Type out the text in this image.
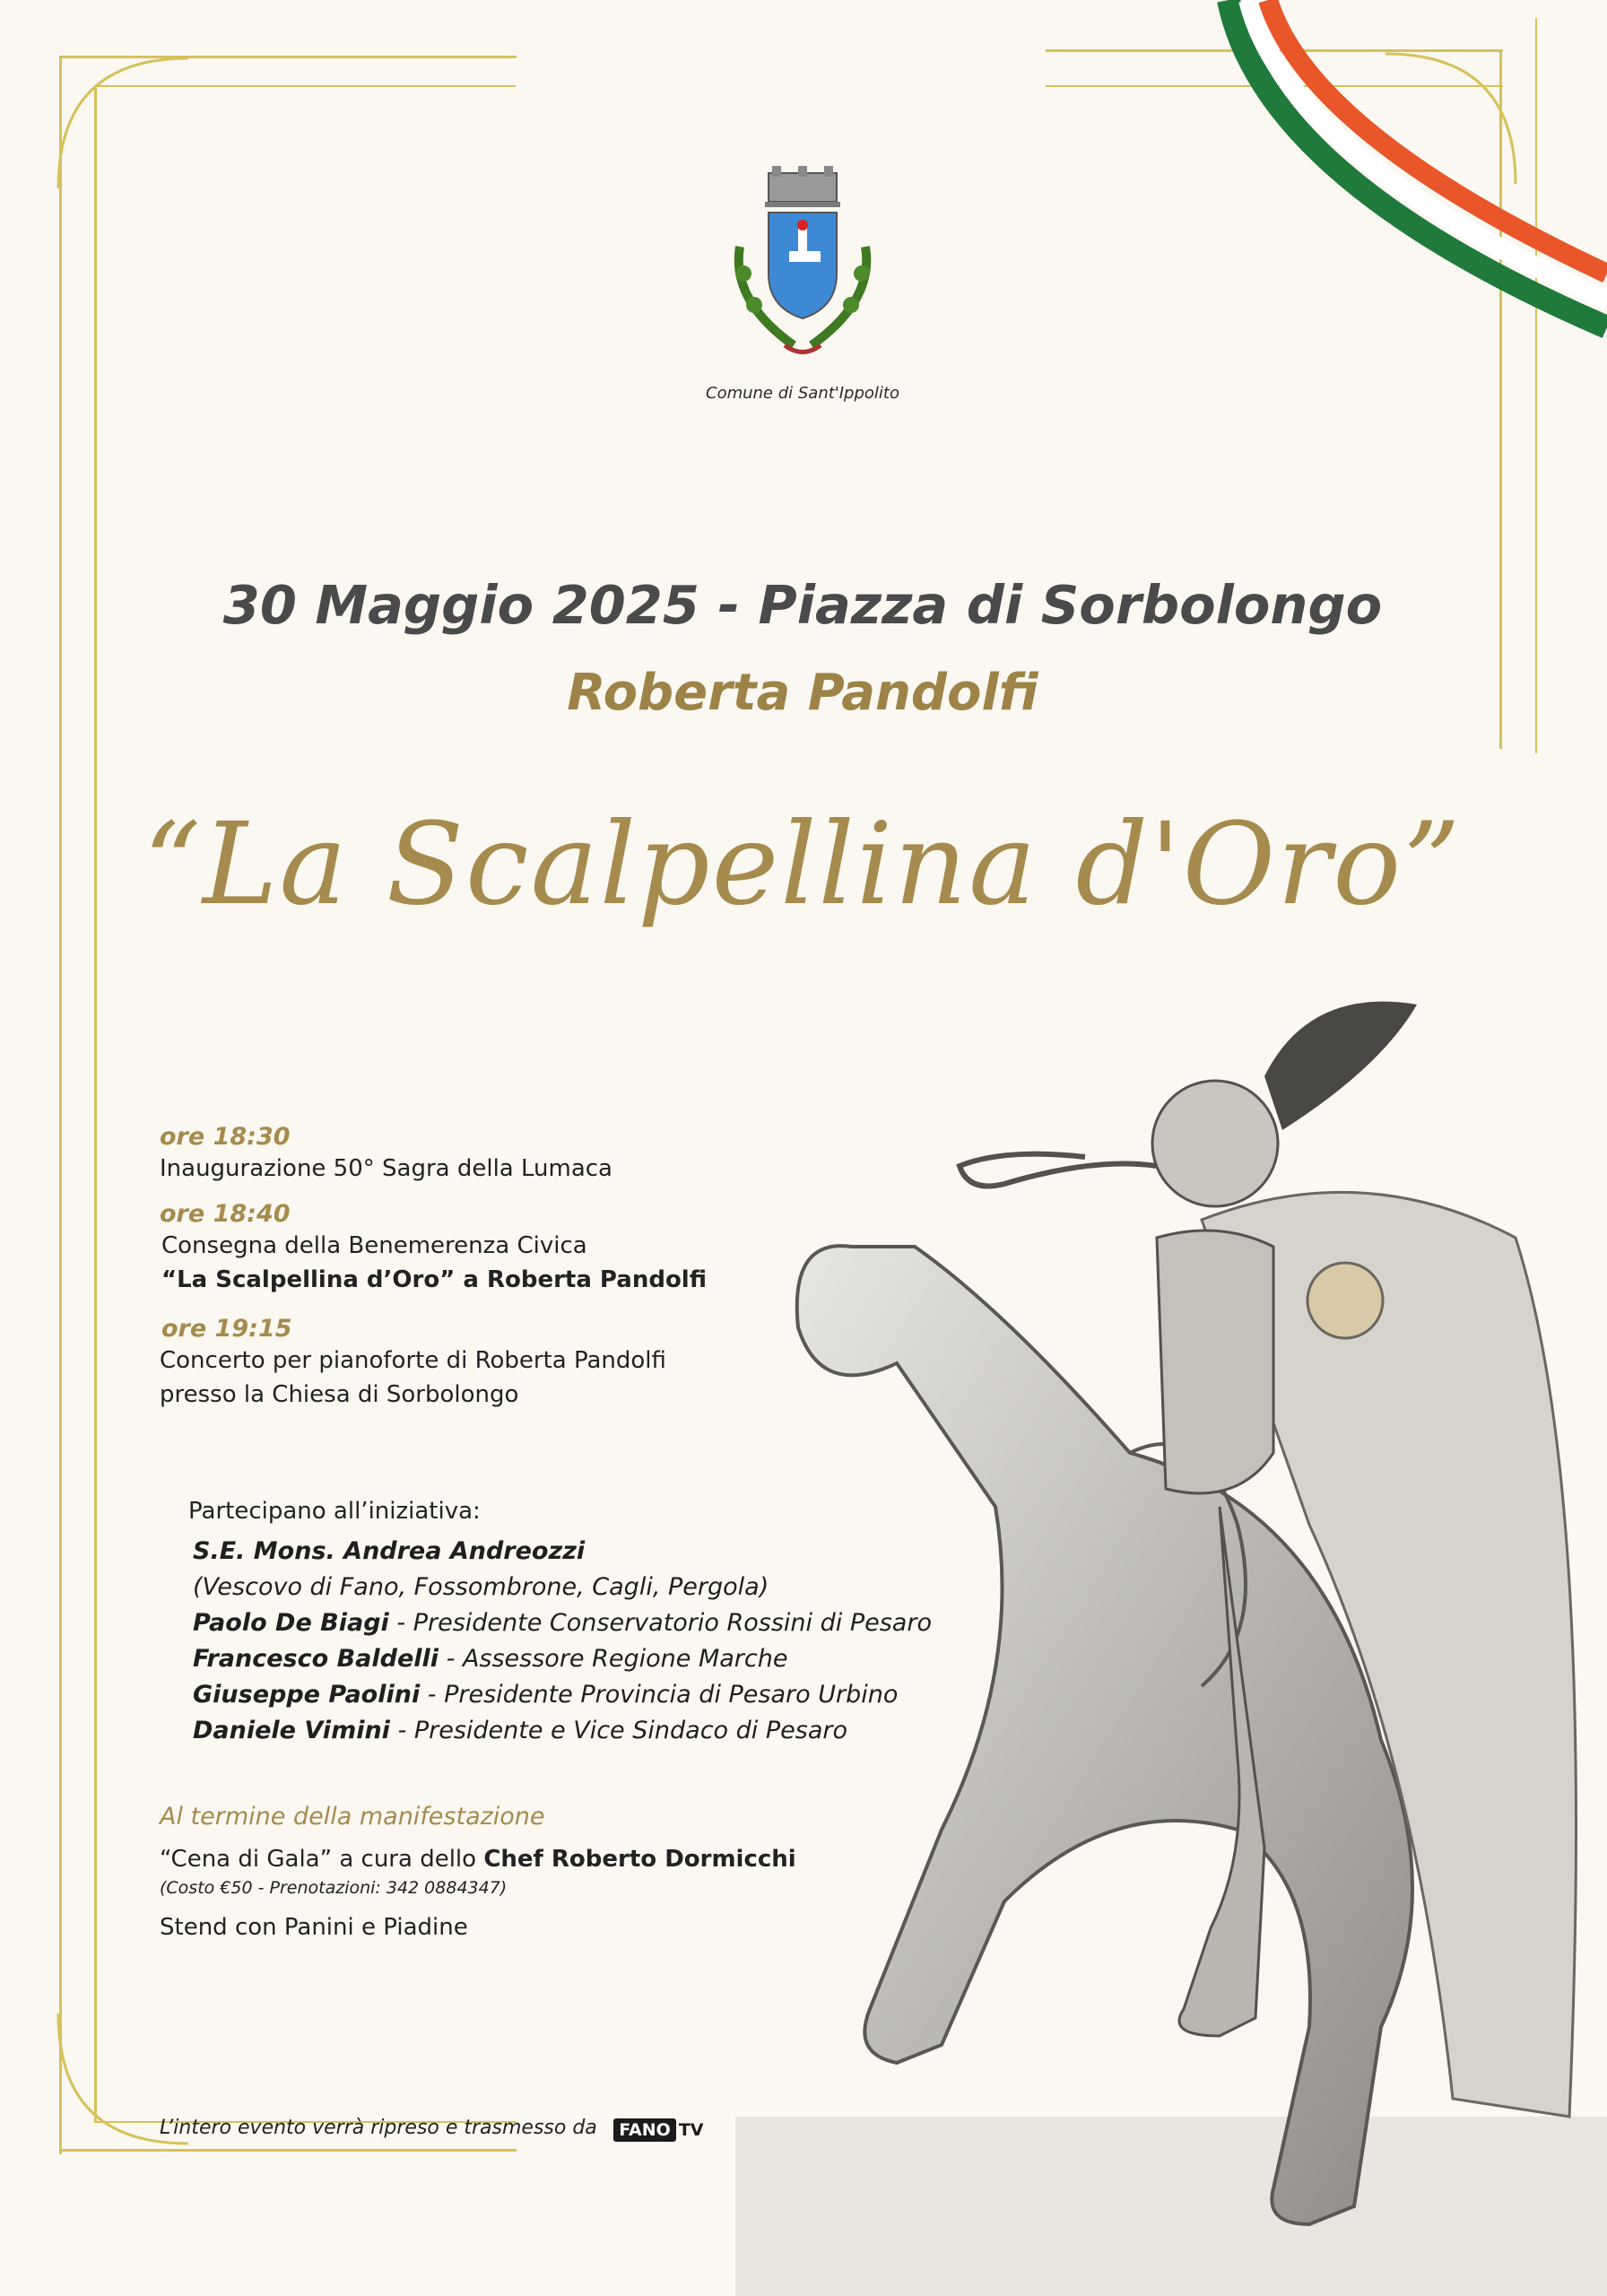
Comune di Sant'Ippolito
30 Maggio 2025 - Piazza di Sorbolongo
Roberta Pandolfi
“La Scalpellina d'Oro”
ore 18:30
Inaugurazione 50° Sagra della Lumaca
ore 18:40
Consegna della Benemerenza Civica
“La Scalpellina d’Oro” a Roberta Pandolfi
ore 19:15
Concerto per pianoforte di Roberta Pandolfi
presso la Chiesa di Sorbolongo
Partecipano all’iniziativa:
S.E. Mons. Andrea Andreozzi
(Vescovo di Fano, Fossombrone, Cagli, Pergola)
Paolo De Biagi - Presidente Conservatorio Rossini di Pesaro
Francesco Baldelli - Assessore Regione Marche
Giuseppe Paolini - Presidente Provincia di Pesaro Urbino
Daniele Vimini - Presidente e Vice Sindaco di Pesaro
Al termine della manifestazione
“Cena di Gala” a cura dello Chef Roberto Dormicchi
(Costo €50 - Prenotazioni: 342 0884347)
Stend con Panini e Piadine
L’intero evento verrà ripreso e trasmesso da	FANO TV
